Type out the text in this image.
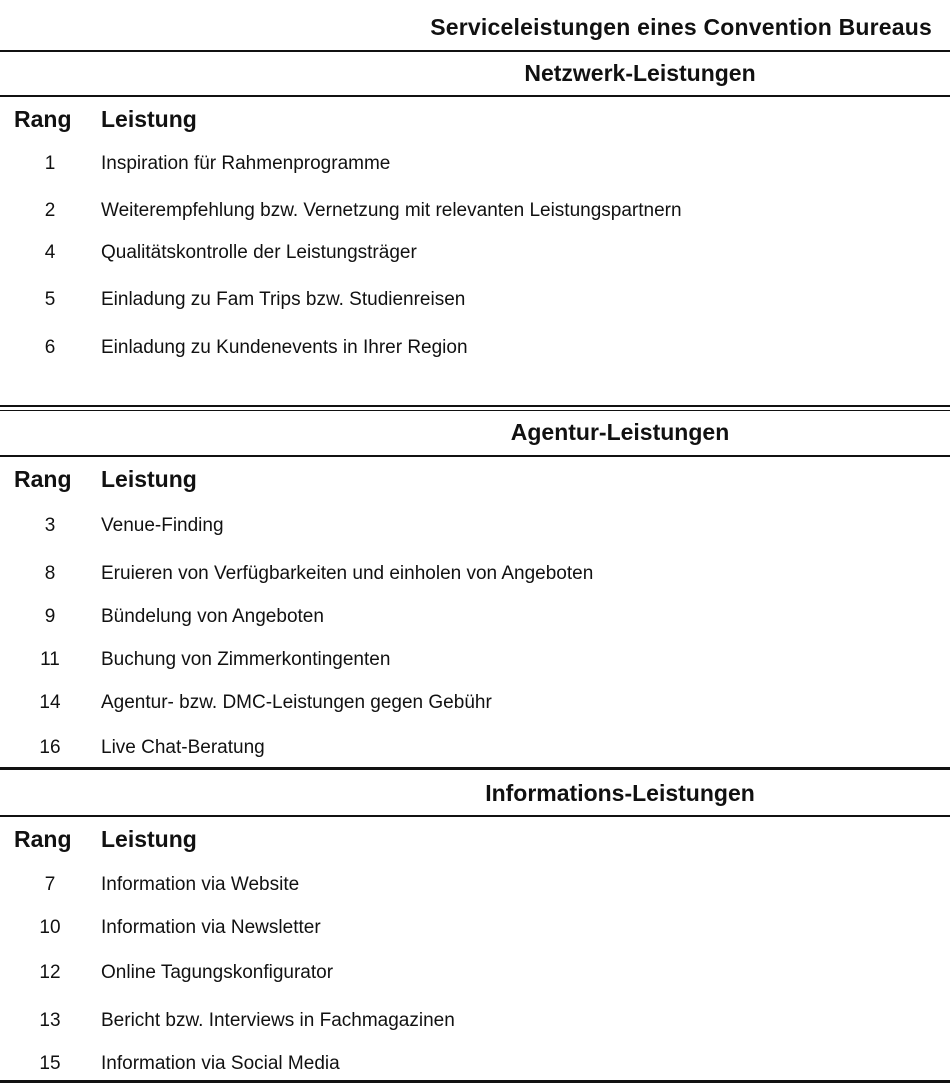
Serviceleistungen eines Convention Bureaus
Netzwerk-Leistungen
Rang Leistung
1	Inspiration für Rahmenprogramme
2	Weiterempfehlung bzw. Vernetzung mit relevanten Leistungspartnern
4	Qualitätskontrolle der Leistungsträger
5	Einladung zu Fam Trips bzw. Studienreisen
6	Einladung zu Kundenevents in Ihrer Region
Agentur-Leistungen
Rang Leistung
3	Venue-Finding
8	Eruieren von Verfügbarkeiten und einholen von Angeboten
9	Bündelung von Angeboten
11	Buchung von Zimmerkontingenten
14	Agentur- bzw. DMC-Leistungen gegen Gebühr
16	Live Chat-Beratung
Informations-Leistungen
Rang Leistung
7	Information via Website
10	Information via Newsletter
12	Online Tagungskonfigurator
13	Bericht bzw. Interviews in Fachmagazinen
15	Information via Social Media
